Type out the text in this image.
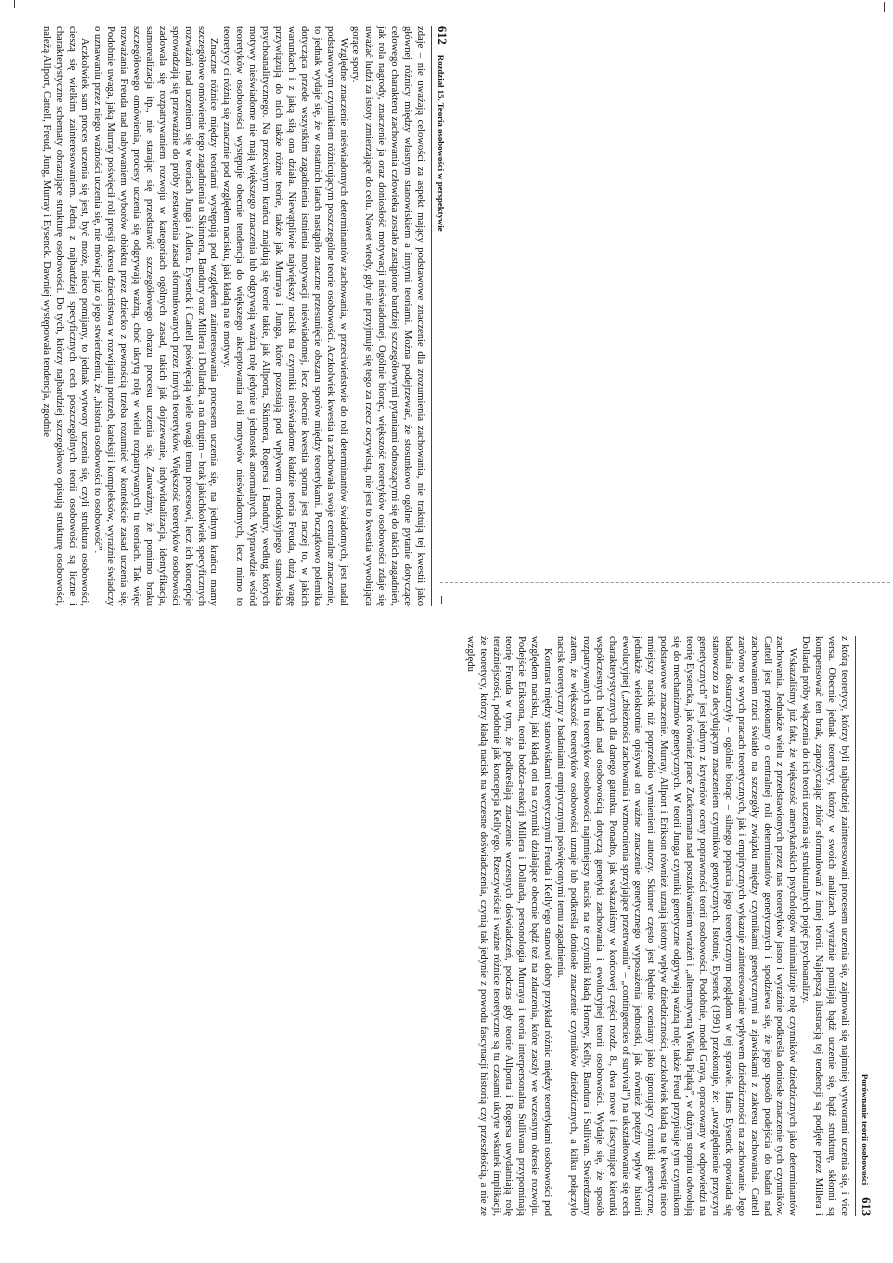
612
Rozdział 15. Teoria osobowości w perspektywie

zdaje – nie uważają celowości za aspekt mający podstawowe znaczenie dla zrozumienia zachowania, nie traktują tej kwestii jako głównej różnicy między własnym stanowiskiem a innymi teoriami. Można podejrzewać, że stosunkowo ogólne pytanie dotyczące celowego charakteru zachowania człowieka zostało zastąpione bardziej szczegółowymi pytaniami odnoszącymi się do takich zagadnień, jak rola nagrody, znaczenie ja oraz doniosłość motywacji nieświadomej. Ogólnie biorąc, większość teoretyków osobowości zdaje się uważać ludzi za istoty zmierzające do celu. Nawet wtedy, gdy nie przyjmuje się tego za rzecz oczywistą, nie jest to kwestia wywołująca gorące spory.

Względne znaczenie nieświadomych determinantów zachowania, w przeciwieństwie do roli determinantów świadomych, jest nadal podstawowym czynnikiem różnicującym poszczególne teorie osobowości. Aczkolwiek kwestia ta zachowała swoje centralne znaczenie, to jednak wydaje się, że w ostatnich latach nastąpiło znaczne przesunięcie obszaru sporów między teoretykami. Początkowo polemika dotycząca przede wszystkim zagadnienia istnienia motywacji nieświadomej, lecz obecnie kwestia sporna jest raczej to, w jakich warunkach i z jaką siłą ona działa. Niewątpliwie największy nacisk na czynniki nieświadome kładzie teoria Freuda, dużą wagę przywiązują do nich także różne teorie, także jak Murraya i Junga, które pozostają pod wpływem ortodoksyjnego stanowiska psychoanalitycznego. Na przeciwnym krańcu znajdują się teorie takie, jak Allporta, Skinnera, Rogersa i Bandury, według których motywy nieświadome nie mają większego znaczenia lub odgrywają ważną rolę jedynie u jednostek anormalnych. Wyprawdzie wśród teoretyków osobowości występuje obecnie tendencja do większego akceptowania roli motywów nieświadomych, lecz mimo to teoretycy ci różnią się znacznie pod względem nacisku, jaki kładą na te motywy.

Znaczne różnice między teoriami występują pod względem zainteresowania procesem uczenia się, na jednym krańcu mamy szczegółowe omówienie tego zagadnienia u Skinnera, Bandury oraz Millera i Dollarda, a na drugim – brak jakichkolwiek specyficznych rozważań nad uczeniem się w teoriach Junga i Adlera. Eysenck i Cattell poświęcają wiele uwagi temu procesowi, lecz ich koncepcje sprowadzają się przeważnie do próby zestawienia zasad sformułowanych przez innych teoretyków. Większość teoretyków osobowości zadowala się rozpatrywaniem rozwoju w kategoriach ogólnych zasad, takich jak dojrzewanie, indywidualizacja, identyfikacja, samorealizacja itp., nie starając się przedstawić szczegółowego obrazu procesu uczenia się. Zauważmy, że pomimo braku szczegółowego omówienia, procesy uczenia się odgrywają ważną, choć ukrytą rolę w wielu rozpatrywanych tu teoriach. Tak więc rozważania Freuda nad nabywaniem wyborów obiektu przez dziecko z pewnością trzeba rozumieć w kontekście zasad uczenia się. Podobnie uwaga, jaką Murray poświęcił roli presji okresu dzieciństwa w rozwijaniu potrzeb, kateksji i kompleksów, wyraźnie świadczy o uznawaniu przez niego ważności uczenia się, nie mówiąc już o jego stwierdzeniu, że „historia osobowości to osobowość”.

Aczkolwiek sam proces uczenia się jest, być może, nieco pomijany, to jednak wytwory uczenia się, czyli struktura osobowości, cieszą się wielkim zainteresowaniem. Jedną z najbardziej specyficznych cech poszczególnych teorii osobowości są liczne i charakterystyczne schematy obrazujące strukturę osobowości. Do tych, którzy najbardziej szczegółowo opisują strukturę osobowości, należą Allport, Cattell, Freud, Jung, Murray i Eysenck. Dawniej występowała tendencja, zgodnie

Porównanie teorii osobowości
613

z którą teoretycy, którzy byli najbardziej zainteresowani procesem uczenia się, zajmowali się najmniej wytworami uczenia się, i vice versa. Obecnie jednak teoretycy, którzy w swoich analizach wyraźnie pomijają bądź uczenie się, bądź strukturę, skłonni są kompensować ten brak, zapożyczając zbiór sformułowań z innej teorii. Najlepszą ilustracją tej tendencji są podjęte przez Millera i Dollarda próby włączenia do ich teorii uczenia się strukturalnych pojęć psychoanalizy.

Wskazaliśmy już fakt, że większość amerykańskich psychologów minimalizuje rolę czynników dziedzicznych jako determinantów zachowania. Jednakże wielu z przedstawionych przez nas teoretyków jasno i wyraźnie podkreśla doniosłe znaczenie tych czynników. Cattell jest przekonany o centralnej roli determinantów genetycznych i spodziewa się, że jego sposób podejścia do badań nad zachowaniem rzuci światło na szczegóły związku między czynnikami genetycznymi a zjawiskami z zakresu zachowania. Cattell zarówno w swych pracach teoretycznych, jak i empirycznych wykazuje zainteresowanie wpływem dziedziczności na zachowanie. Jego badania dostarczyły – ogólnie biorąc – silnego poparcia jego teoretycznym poglądom w tej sprawie. Hans Eysenck opowiada się stanowczo za decydującym znaczeniem czynników genetycznych. Istotnie, Eysenck (1991) przekonuje, że: „uwzględnienie przyczyn genetycznych” jest jednym z kryteriów oceny poprawności teorii osobowości. Podobnie, model Graya, opracowany w odpowiedzi na teorię Eysencka, jak również prace Zuckermana nad poszukiwaniem wrażeń i „alternatywną Wielką Piątką”, w dużym stopniu odwołują się do mechanizmów genetycznych. W teorii Junga czynniki genetyczne odgrywają ważną rolę; także Freud przypisuje tym czynnikom podstawowe znaczenie. Murray, Allport i Erikson również uznają istotny wpływ dziedziczności, aczkolwiek kładą na tę kwestię nieco mniejszy nacisk niż poprzednio wymienieni autorzy. Skinner często jest błędnie oceniany jako ignorujący czynniki genetyczne, jednakże wielokrotnie opisywał on ważne znaczenie genetycznego wyposażenia jednostki, jak również potężny wpływ historii ewolucyjnej („zbieżności zachowania i wzmocnienia sprzyjające przetrwaniu” – „contingencies of survival”) na ukształtowanie się cech charakterystycznych dla danego gatunku. Ponadto, jak wskazaliśmy w końcowej części rozdz. 8., dwa nowe i fascynujące kierunki współczesnych badań nad osobowością dotyczą genetyki zachowania i ewolucyjnej teorii osobowości. Wydaje się, że sposób rozpatrywanych tu teoretyków osobowości najmniejszy nacisk na te czynniki kładą Horney, Kelly, Bandura i Sullivan. Stwierdzamy zatem, że większość teoretyków osobowości uznaje lub podkreśla doniosłe znaczenie czynników dziedzicznych, a kilku połączyło nacisk teoretyczny z badaniami empirycznymi poświęconymi temu zagadnieniu.

Kontrast między stanowiskami teoretycznymi Freuda i Kelly'ego stanowi dobry przykład różnic między teoretykami osobowości pod względem nacisku, jaki kładą oni na czynniki działające obecnie bądź też na zdarzenia, które zaszły we wczesnym okresie rozwoju. Podejście Eriksona, teoria bodźca-reakcji Millera i Dollarda, personologia Murraya i teoria interpersonalna Sullivana przypominają teorię Freuda w tym, że podkreślają znaczenie wczesnych doświadczeń, podczas gdy teorie Allporta i Rogersa uwydatniają rolę teraźniejszości, podobnie jak koncepcja Kelly'ego. Rzeczywiście i ważne różnice teoretyczne są tu czasami ukryte wskutek implikacji, że teoretycy, którzy kładą nacisk na wczesne doświadczenia, czynią tak jedynie z powodu fascynacji historią czy przeszłością, a nie ze względu
